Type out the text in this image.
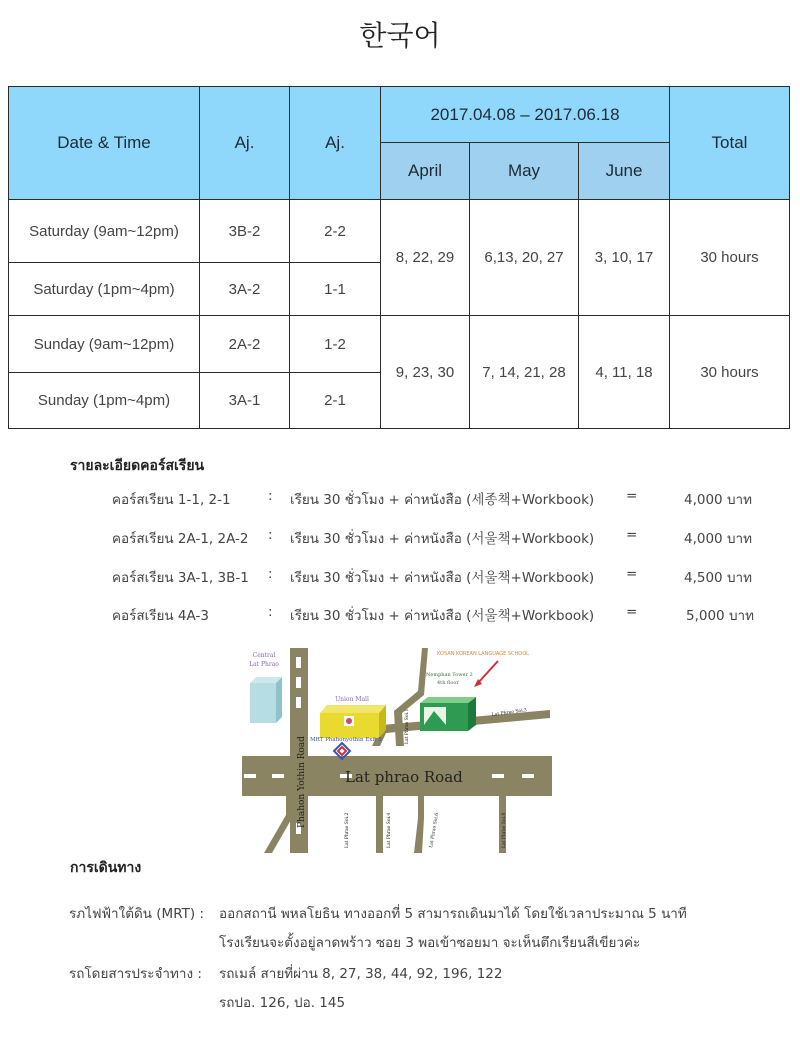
한국어
Date & Time	Aj.	Aj.	2017.04.08 – 2017.06.18			Total
			April	May	June	
Saturday (9am~12pm)	3B-2	2-2	8, 22, 29	6,13, 20, 27	3, 10, 17	30 hours
Saturday (1pm~4pm)	3A-2	1-1				
Sunday (9am~12pm)	2A-2	1-2	9, 23, 30	7, 14, 21, 28	4, 11, 18	30 hours
Sunday (1pm~4pm)	3A-1	2-1				
รายละเอียดคอร์สเรียน
คอร์สเรียน 1-1, 2-1	: เรียน 30 ชั่วโมง + ค่าหนังสือ (세종책+Workbook) =	4,000 บาท
คอร์สเรียน 2A-1, 2A-2 : เรียน 30 ชั่วโมง + ค่าหนังสือ (서울책+Workbook) =	4,000 บาท
คอร์สเรียน 3A-1, 3B-1 : เรียน 30 ชั่วโมง + ค่าหนังสือ (서울책+Workbook) =	4,500 บาท
คอร์สเรียน 4A-3	: เรียน 30 ชั่วโมง + ค่าหนังสือ (서울책+Workbook) =	5,000 บาท
Lat phrao Road
Central
Lat Phrao
Union Mall
MRT Phahonyothin Exit 5
Nemphan Tower 2
4th floor
KOSAN KOREAN LANGUAGE SCHOOL
Phahon Yothin Road
Lat Phrao Soi.1	Lat Phrao Soi.3
Lat Phrao Soi.2	Lat Phrao Soi.4	Lat Phrao Soi.6	Lat Phrao Soi.8
การเดินทาง
รภไฟฟ้าใต้ดิน (MRT) : ออกสถานี พหลโยธิน ทางออกที่ 5 สามารถเดินมาได้ โดยใช้เวลาประมาณ 5 นาที
โรงเรียนจะตั้งอยู่ลาดพร้าว ซอย 3 พอเข้าซอยมา จะเห็นตึกเรียนสีเขียวค่ะ
รถโดยสารประจำทาง : รถเมล์ สายที่ผ่าน 8, 27, 38, 44, 92, 196, 122
รถปอ. 126, ปอ. 145
